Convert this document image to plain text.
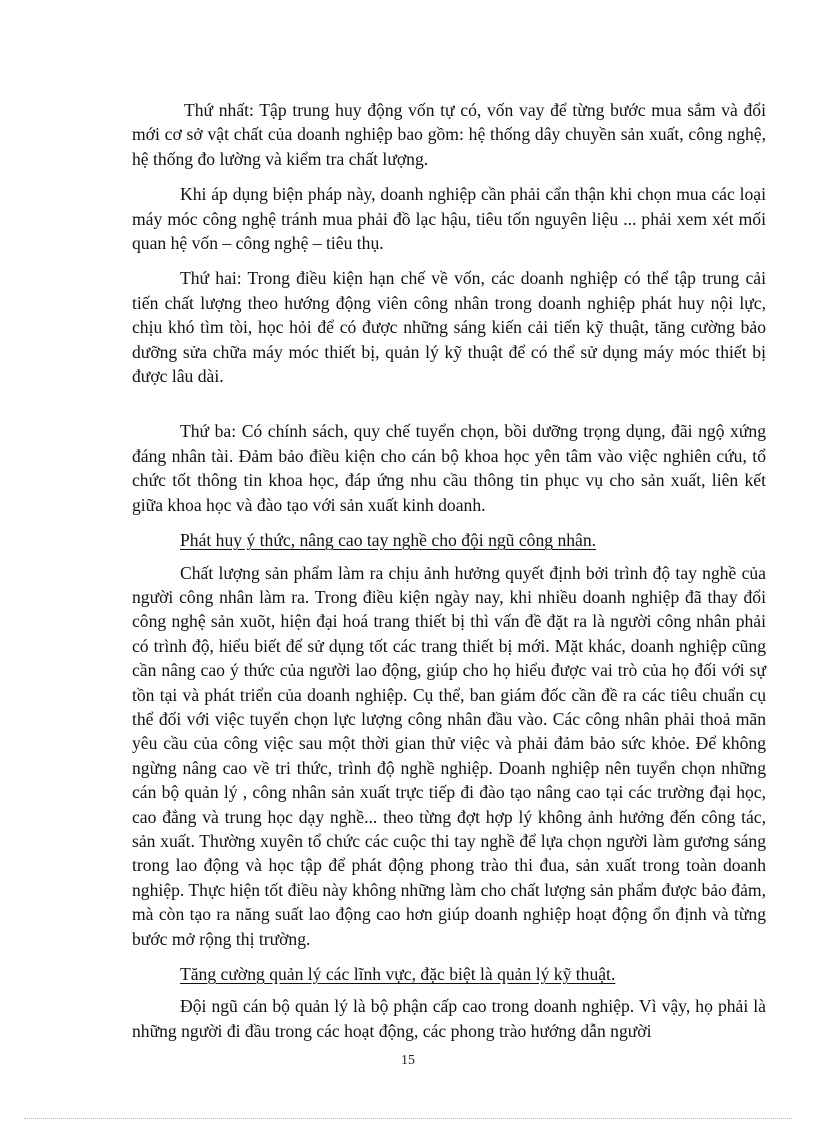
Thứ nhất: Tập trung huy động vốn tự có, vốn vay để từng bước mua sắm và đổi mới cơ sở vật chất của doanh nghiệp bao gồm: hệ thống dây chuyền sản xuất, công nghệ, hệ thống đo lường và kiểm tra chất lượng.

Khi áp dụng biện pháp này, doanh nghiệp cần phải cẩn thận khi chọn mua các loại máy móc công nghệ tránh mua phải đồ lạc hậu, tiêu tốn nguyên liệu ... phải xem xét mối quan hệ vốn – công nghệ – tiêu thụ.

Thứ hai: Trong điều kiện hạn chế về vốn, các doanh nghiệp có thể tập trung cải tiến chất lượng theo hướng động viên công nhân trong doanh nghiệp phát huy nội lực, chịu khó tìm tòi, học hỏi để có được những sáng kiến cải tiến kỹ thuật, tăng cường bảo dưỡng sửa chữa máy móc thiết bị, quản lý kỹ thuật để có thể sử dụng máy móc thiết bị được lâu dài.

Thứ ba: Có chính sách, quy chế tuyển chọn, bồi dưỡng trọng dụng, đãi ngộ xứng đáng nhân tài. Đảm bảo điều kiện cho cán bộ khoa học yên tâm vào việc nghiên cứu, tổ chức tốt thông tin khoa học, đáp ứng nhu cầu thông tin phục vụ cho sản xuất, liên kết giữa khoa học và đào tạo với sản xuất kinh doanh.

Phát huy ý thức, nâng cao tay nghề cho đội ngũ công nhân.

Chất lượng sản phẩm làm ra chịu ảnh hưởng quyết định bởi trình độ tay nghề của người công nhân làm ra. Trong điều kiện ngày nay, khi nhiều doanh nghiệp đã thay đổi công nghệ sản xuõt, hiện đại hoá trang thiết bị thì vấn đề đặt ra là người công nhân phải có trình độ, hiểu biết để sử dụng tốt các trang thiết bị mới. Mặt khác, doanh nghiệp cũng cần nâng cao ý thức của người lao động, giúp cho họ hiểu được vai trò của họ đối với sự tồn tại và phát triển của doanh nghiệp. Cụ thể, ban giám đốc cần đề ra các tiêu chuẩn cụ thể đối với việc tuyển chọn lực lượng công nhân đầu vào. Các công nhân phải thoả mãn yêu cầu của công việc sau một thời gian thử việc và phải đảm bảo sức khỏe. Để không ngừng nâng cao về tri thức, trình độ nghề nghiệp. Doanh nghiệp nên tuyển chọn những cán bộ quản lý , công nhân sản xuất trực tiếp đi đào tạo nâng cao tại các trường đại học, cao đẳng và trung học dạy nghề... theo từng đợt hợp lý không ảnh hưởng đến công tác, sản xuất. Thường xuyên tổ chức các cuộc thi tay nghề để lựa chọn người làm gương sáng trong lao động và học tập để phát động phong trào thi đua, sản xuất trong toàn doanh nghiệp. Thực hiện tốt điều này không những làm cho chất lượng sản phẩm được bảo đảm, mà còn tạo ra năng suất lao động cao hơn giúp doanh nghiệp hoạt động ổn định và từng bước mở rộng thị trường.

Tăng cường quản lý các lĩnh vực, đặc biệt là quản lý kỹ thuật.

Đội ngũ cán bộ quản lý là bộ phận cấp cao trong doanh nghiệp. Vì vậy, họ phải là những người đi đầu trong các hoạt động, các phong trào hướng dẫn người

15
